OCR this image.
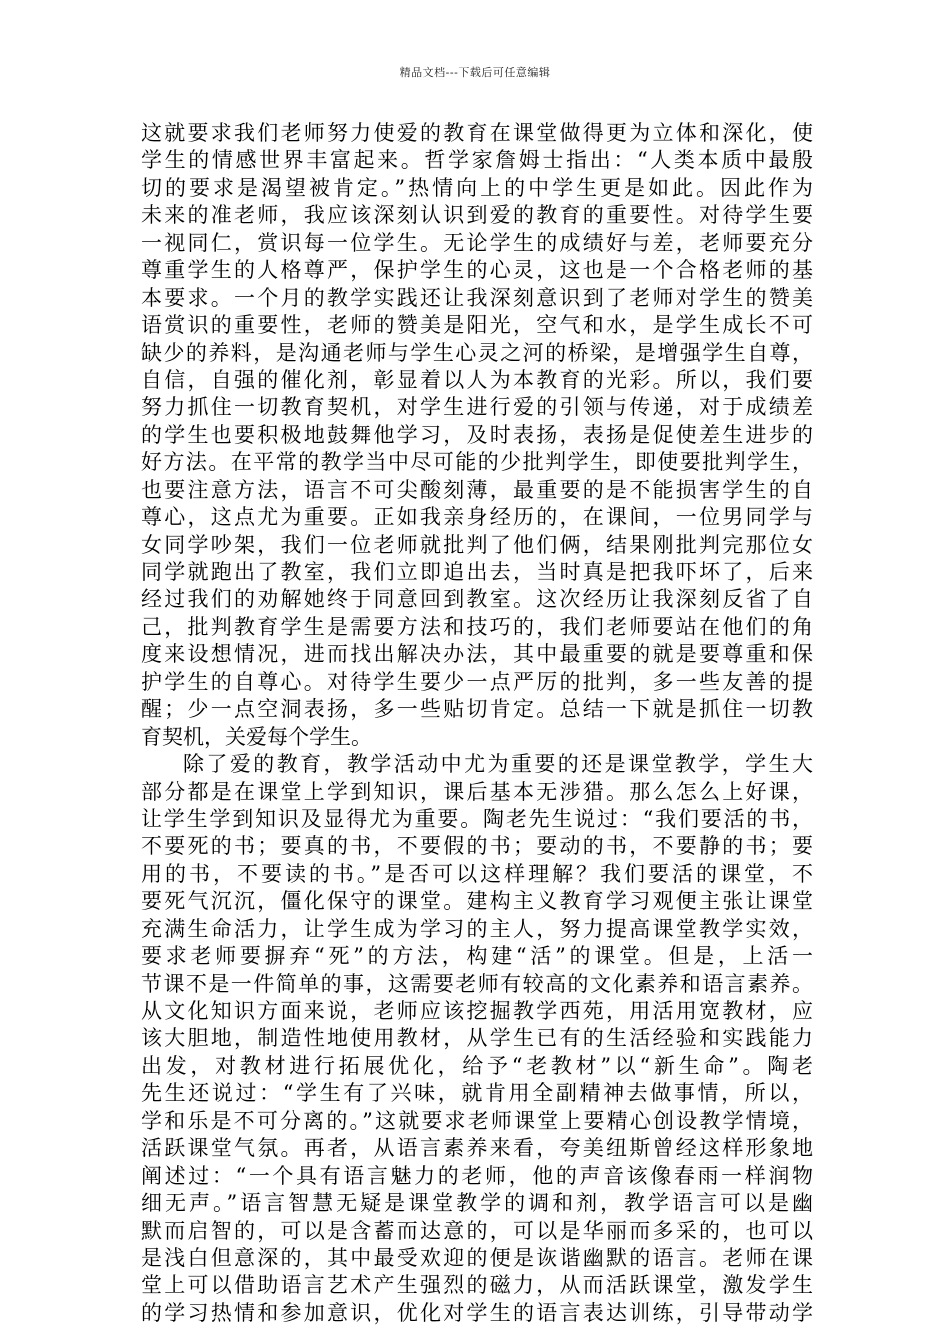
精品文档---下载后可任意编辑
这就要求我们老师努力使爱的教育在课堂做得更为立体和深化，使
学生的情感世界丰富起来。哲学家詹姆士指出：“人类本质中最殷
切的要求是渴望被肯定。”热情向上的中学生更是如此。因此作为
未来的准老师，我应该深刻认识到爱的教育的重要性。对待学生要
一视同仁，赏识每一位学生。无论学生的成绩好与差，老师要充分
尊重学生的人格尊严，保护学生的心灵，这也是一个合格老师的基
本要求。一个月的教学实践还让我深刻意识到了老师对学生的赞美
语赏识的重要性，老师的赞美是阳光，空气和水，是学生成长不可
缺少的养料，是沟通老师与学生心灵之河的桥梁，是增强学生自尊，
自信，自强的催化剂，彰显着以人为本教育的光彩。所以，我们要
努力抓住一切教育契机，对学生进行爱的引领与传递，对于成绩差
的学生也要积极地鼓舞他学习，及时表扬，表扬是促使差生进步的
好方法。在平常的教学当中尽可能的少批判学生，即使要批判学生，
也要注意方法，语言不可尖酸刻薄，最重要的是不能损害学生的自
尊心，这点尤为重要。正如我亲身经历的，在课间，一位男同学与
女同学吵架，我们一位老师就批判了他们俩，结果刚批判完那位女
同学就跑出了教室，我们立即追出去，当时真是把我吓坏了，后来
经过我们的劝解她终于同意回到教室。这次经历让我深刻反省了自
己，批判教育学生是需要方法和技巧的，我们老师要站在他们的角
度来设想情况，进而找出解决办法，其中最重要的就是要尊重和保
护学生的自尊心。对待学生要少一点严厉的批判，多一些友善的提
醒；少一点空洞表扬，多一些贴切肯定。总结一下就是抓住一切教
育契机，关爱每个学生。
除了爱的教育，教学活动中尤为重要的还是课堂教学，学生大
部分都是在课堂上学到知识，课后基本无涉猎。那么怎么上好课，
让学生学到知识及显得尤为重要。陶老先生说过：“我们要活的书，
不要死的书；要真的书，不要假的书；要动的书，不要静的书；要
用的书，不要读的书。”是否可以这样理解？我们要活的课堂，不
要死气沉沉，僵化保守的课堂。建构主义教育学习观便主张让课堂
充满生命活力，让学生成为学习的主人，努力提高课堂教学实效，
要求老师要摒弃“死”的方法，构建“活”的课堂。但是，上活一
节课不是一件简单的事，这需要老师有较高的文化素养和语言素养。
从文化知识方面来说，老师应该挖掘教学西苑，用活用宽教材，应
该大胆地，制造性地使用教材，从学生已有的生活经验和实践能力
出发，对教材进行拓展优化，给予“老教材”以“新生命”。陶老
先生还说过：“学生有了兴味，就肯用全副精神去做事情，所以，
学和乐是不可分离的。”这就要求老师课堂上要精心创设教学情境，
活跃课堂气氛。再者，从语言素养来看，夸美纽斯曾经这样形象地
阐述过：“一个具有语言魅力的老师，他的声音该像春雨一样润物
细无声。”语言智慧无疑是课堂教学的调和剂，教学语言可以是幽
默而启智的，可以是含蓄而达意的，可以是华丽而多采的，也可以
是浅白但意深的，其中最受欢迎的便是诙谐幽默的语言。老师在课
堂上可以借助语言艺术产生强烈的磁力，从而活跃课堂，激发学生
的学习热情和参加意识，优化对学生的语言表达训练，引导带动学
